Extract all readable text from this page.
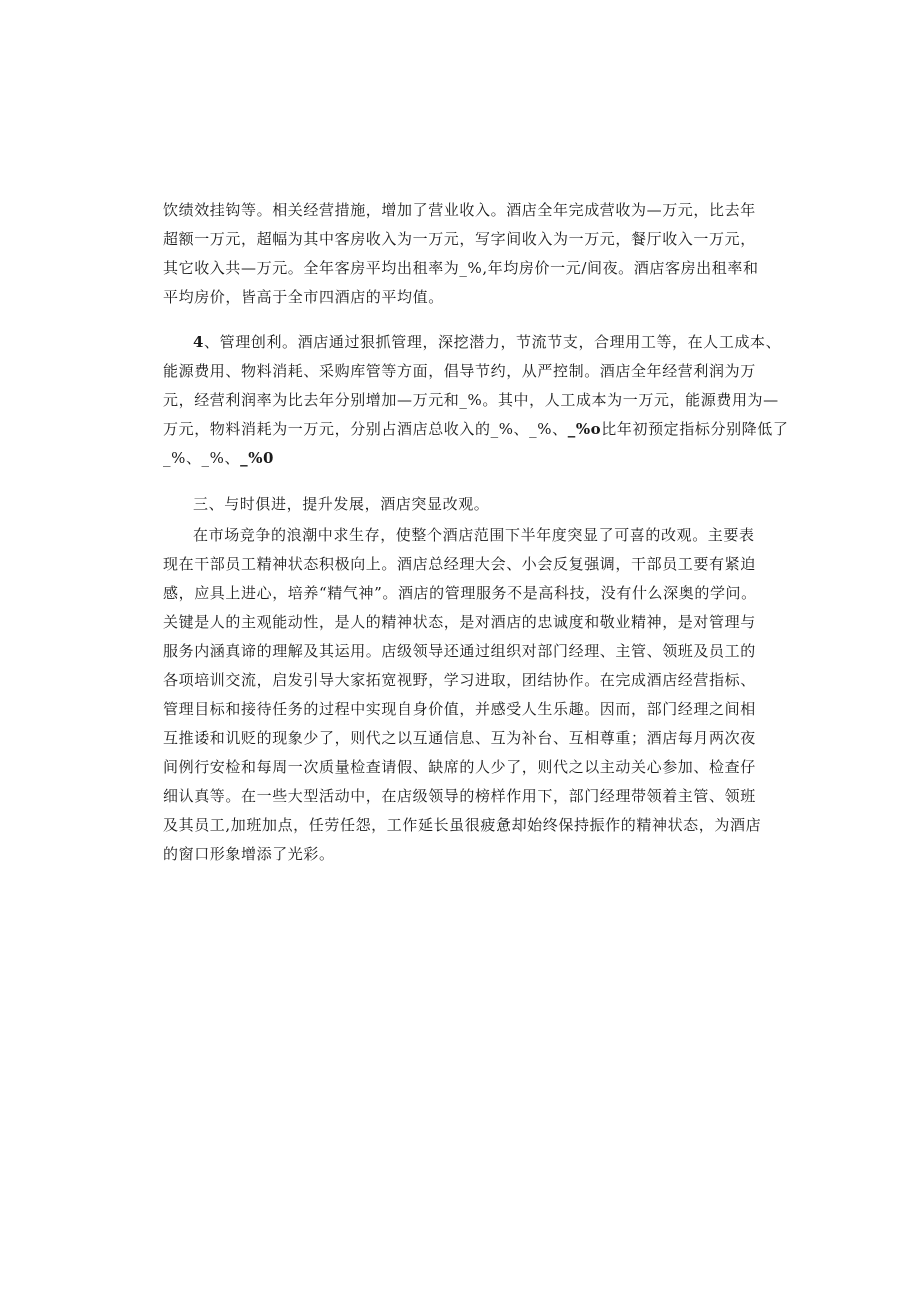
饮绩效挂钩等。相关经营措施，增加了营业收入。酒店全年完成营收为—万元，比去年
超额一万元，超幅为其中客房收入为一万元，写字间收入为一万元，餐厅收入一万元，
其它收入共—万元。全年客房平均出租率为_%,年均房价一元/间夜。酒店客房出租率和
平均房价，皆高于全市四酒店的平均值。
4、管理创利。酒店通过狠抓管理，深挖潜力，节流节支，合理用工等，在人工成本、
能源费用、物料消耗、采购库管等方面，倡导节约，从严控制。酒店全年经营利润为万
元，经营利润率为比去年分别增加—万元和_%。其中，人工成本为一万元，能源费用为—
万元，物料消耗为一万元，分别占酒店总收入的_%、_%、_%o比年初预定指标分别降低了
_%、_%、_%0
三、与时俱进，提升发展，酒店突显改观。
在市场竞争的浪潮中求生存，使整个酒店范围下半年度突显了可喜的改观。主要表
现在干部员工精神状态积极向上。酒店总经理大会、小会反复强调，干部员工要有紧迫
感，应具上进心，培养“精气神”。酒店的管理服务不是高科技，没有什么深奥的学问。
关键是人的主观能动性，是人的精神状态，是对酒店的忠诚度和敬业精神，是对管理与
服务内涵真谛的理解及其运用。店级领导还通过组织对部门经理、主管、领班及员工的
各项培训交流，启发引导大家拓宽视野，学习进取，团结协作。在完成酒店经营指标、
管理目标和接待任务的过程中实现自身价值，并感受人生乐趣。因而，部门经理之间相
互推诿和讥贬的现象少了，则代之以互通信息、互为补台、互相尊重；酒店每月两次夜
间例行安检和每周一次质量检查请假、缺席的人少了，则代之以主动关心参加、检查仔
细认真等。在一些大型活动中，在店级领导的榜样作用下，部门经理带领着主管、领班
及其员工,加班加点，任劳任怨，工作延长虽很疲惫却始终保持振作的精神状态，为酒店
的窗口形象增添了光彩。
